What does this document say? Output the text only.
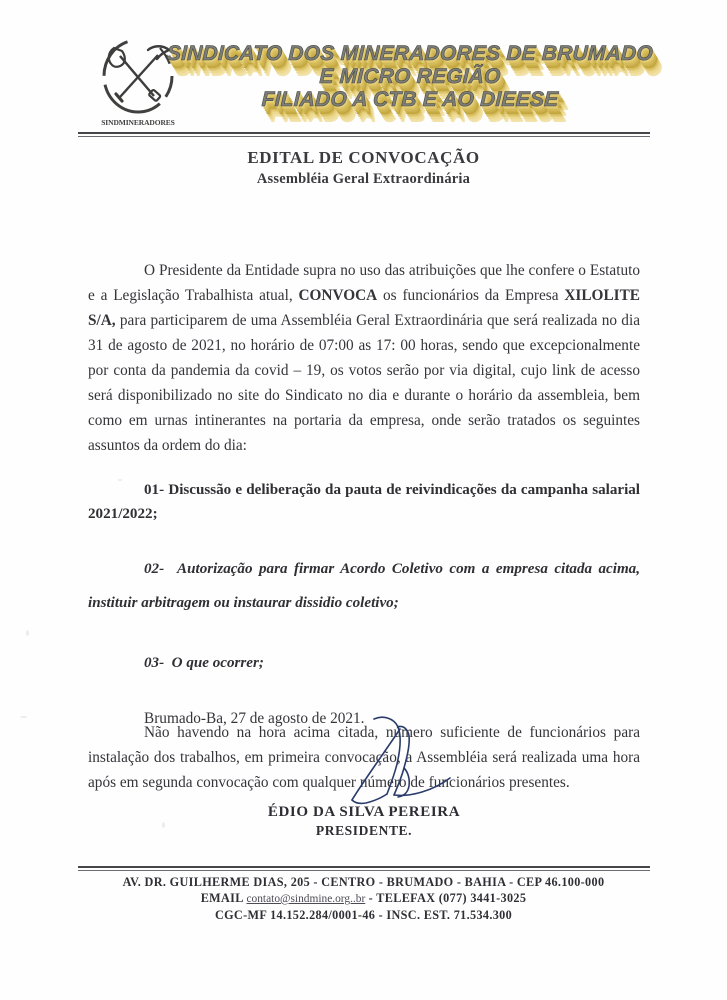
SINDMINERADORES
SINDICATO DOS MINERADORES DE BRUMADO
E MICRO REGIÃO
FILIADO A CTB E AO DIEESE
EDITAL DE CONVOCAÇÃO
Assembléia Geral Extraordinária

O Presidente da Entidade supra no uso das atribuições que lhe confere o Estatuto e a Legislação Trabalhista atual, CONVOCA os funcionários da Empresa XILOLITE S/A, para participarem de uma Assembléia Geral Extraordinária que será realizada no dia 31 de agosto de 2021, no horário de 07:00 as 17: 00 horas, sendo que excepcionalmente por conta da pandemia da covid – 19, os votos serão por via digital, cujo link de acesso será disponibilizado no site do Sindicato no dia e durante o horário da assembleia, bem como em urnas intinerantes na portaria da empresa, onde serão tratados os seguintes assuntos da ordem do dia:

01- Discussão e deliberação da pauta de reivindicações da campanha salarial 2021/2022;

02- Autorização para firmar Acordo Coletivo com a empresa citada acima, instituir arbitragem ou instaurar dissidio coletivo;

03- O que ocorrer;

Não havendo na hora acima citada, número suficiente de funcionários para instalação dos trabalhos, em primeira convocação, a Assembléia será realizada uma hora após em segunda convocação com qualquer número de funcionários presentes.

Brumado-Ba, 27 de agosto de 2021.

ÉDIO DA SILVA PEREIRA

PRESIDENTE.

AV. DR. GUILHERME DIAS, 205 - CENTRO - BRUMADO - BAHIA - CEP 46.100-000

EMAIL contato@sindmine.org..br - TELEFAX (077) 3441-3025

CGC-MF 14.152.284/0001-46 - INSC. EST. 71.534.300
